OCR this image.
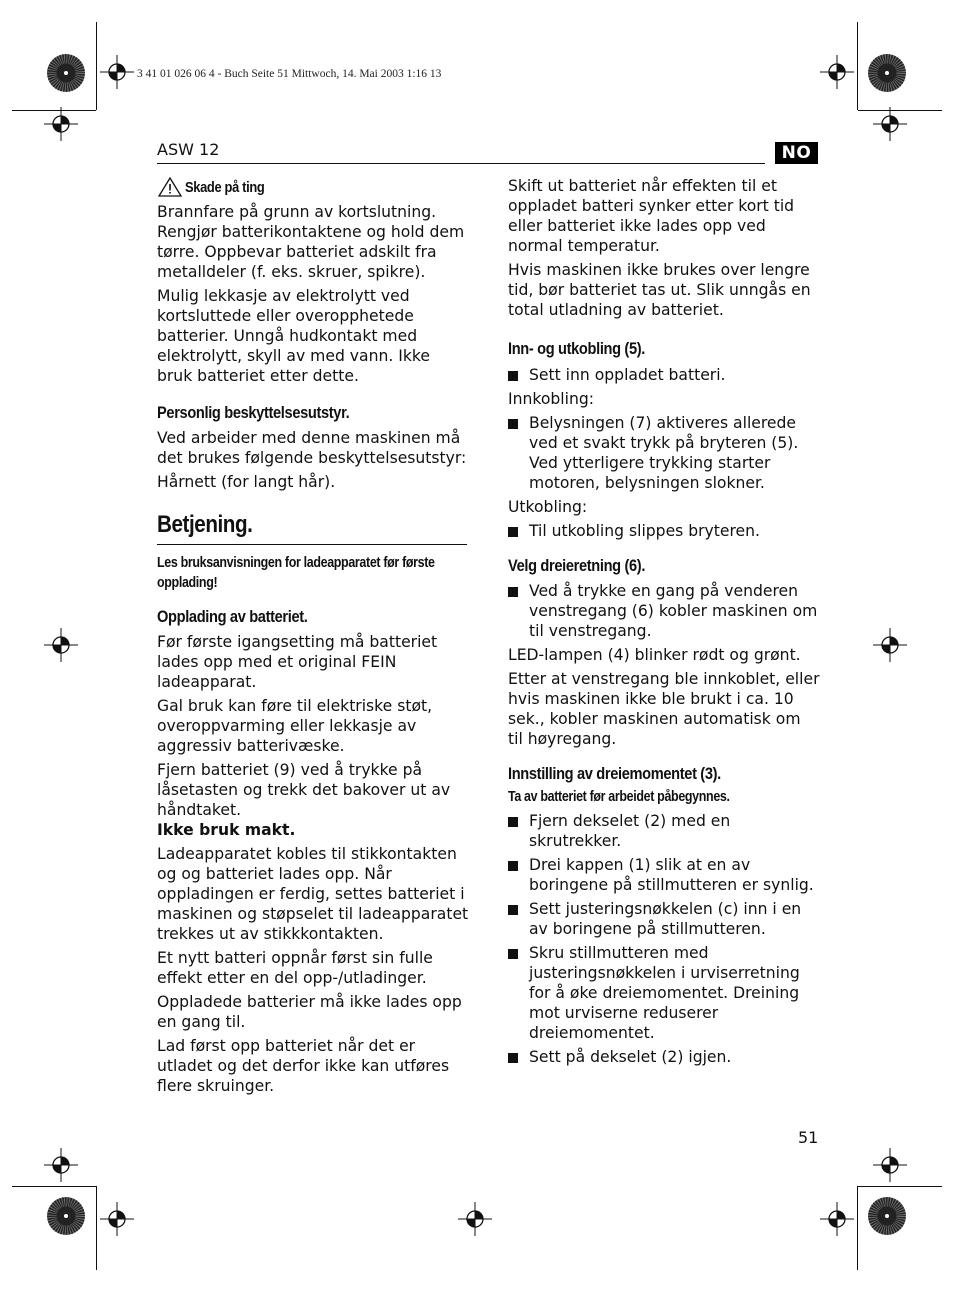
3 41 01 026 06 4 - Buch Seite 51 Mittwoch, 14. Mai 2003 1:16 13
ASW 12	NO
Skade på ting

Brannfare på grunn av kortslutning. Rengjør batterikontaktene og hold dem tørre. Oppbevar batteriet adskilt fra metalldeler (f. eks. skruer, spikre).

Mulig lekkasje av elektrolytt ved kortsluttede eller overopphetede batterier. Unngå hudkontakt med elektrolytt, skyll av med vann. Ikke bruk batteriet etter dette.

Personlig beskyttelsesutstyr.

Ved arbeider med denne maskinen må det brukes følgende beskyttelsesutstyr:

Hårnett (for langt hår).

Betjening.
Les bruksanvisningen for ladeapparatet før første opplading!
Opplading av batteriet.

Før første igangsetting må batteriet lades opp med et original FEIN ladeapparat.

Gal bruk kan føre til elektriske støt, overoppvarming eller lekkasje av aggressiv batterivæske.

Fjern batteriet (9) ved å trykke på låsetasten og trekk det bakover ut av håndtaket.

Ikke bruk makt.

Ladeapparatet kobles til stikkontakten og og batteriet lades opp. Når oppladingen er ferdig, settes batteriet i maskinen og støpselet til ladeapparatet trekkes ut av stikkkontakten.

Et nytt batteri oppnår først sin fulle effekt etter en del opp-/utladinger.

Oppladede batterier må ikke lades opp en gang til.

Lad først opp batteriet når det er utladet og det derfor ikke kan utføres flere skruinger.

Skift ut batteriet når effekten til et oppladet batteri synker etter kort tid eller batteriet ikke lades opp ved normal temperatur.

Hvis maskinen ikke brukes over lengre tid, bør batteriet tas ut. Slik unngås en total utladning av batteriet.

Inn- og utkobling (5).
Sett inn oppladet batteri.

Innkobling:

Belysningen (7) aktiveres allerede ved et svakt trykk på bryteren (5). Ved ytterligere trykking starter motoren, belysningen slokner.

Utkobling:

Til utkobling slippes bryteren.
Velg dreieretning (6).
Ved å trykke en gang på venderen venstregang (6) kobler maskinen om til venstregang.

LED-lampen (4) blinker rødt og grønt.

Etter at venstregang ble innkoblet, eller hvis maskinen ikke ble brukt i ca. 10 sek., kobler maskinen automatisk om til høyregang.

Innstilling av dreiemomentet (3).
Ta av batteriet før arbeidet påbegynnes.
Fjern dekselet (2) med en skrutrekker.
Drei kappen (1) slik at en av boringene på stillmutteren er synlig.
Sett justeringsnøkkelen (c) inn i en av boringene på stillmutteren.
Skru stillmutteren med justeringsnøkkelen i urviserretning for å øke dreiemomentet. Dreining mot urviserne reduserer dreiemomentet.
Sett på dekselet (2) igjen.
51
